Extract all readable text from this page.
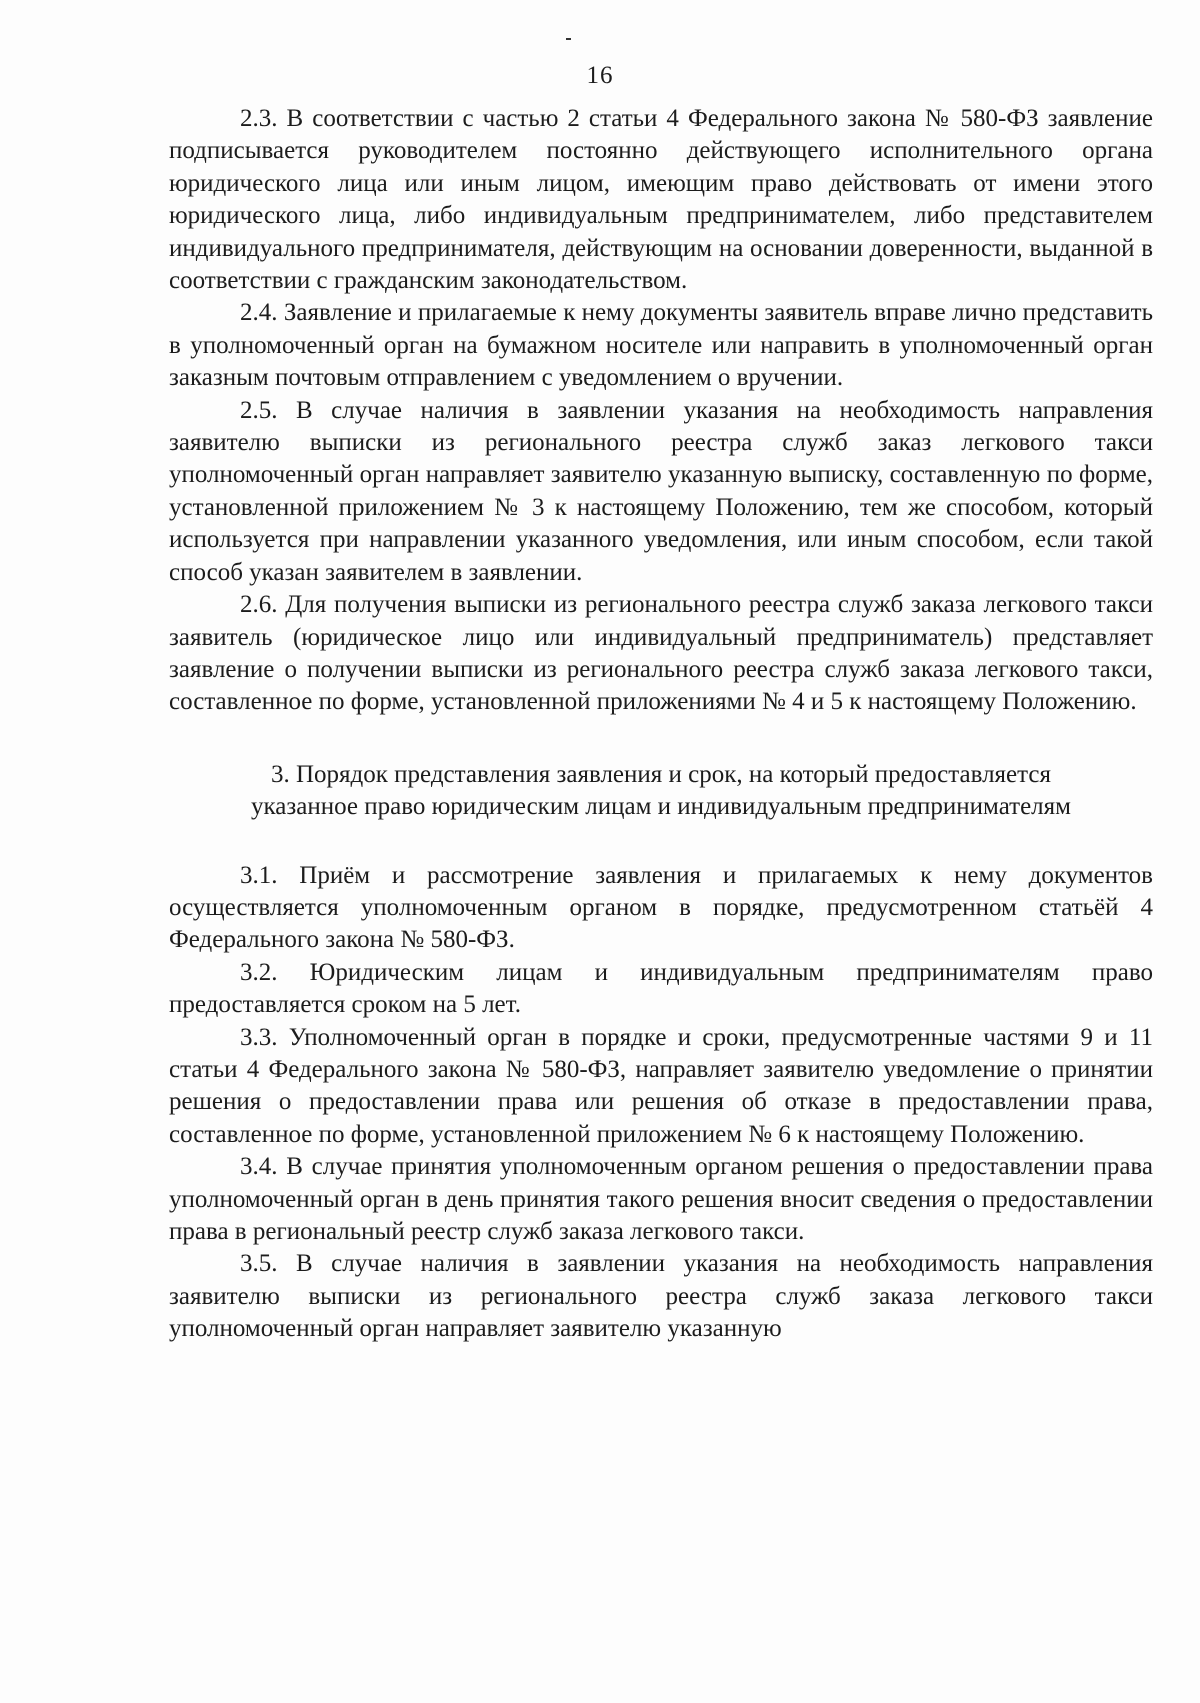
16

2.3. В соответствии с частью 2 статьи 4 Федерального закона № 580-ФЗ заявление подписывается руководителем постоянно действующего исполнительного органа юридического лица или иным лицом, имеющим право действовать от имени этого юридического лица, либо индивидуальным предпринимателем, либо представителем индивидуального предпринимателя, действующим на основании доверенности, выданной в соответствии с гражданским законодательством.

2.4. Заявление и прилагаемые к нему документы заявитель вправе лично представить в уполномоченный орган на бумажном носителе или направить в уполномоченный орган заказным почтовым отправлением с уведомлением о вручении.

2.5. В случае наличия в заявлении указания на необходимость направления заявителю выписки из регионального реестра служб заказ легкового такси уполномоченный орган направляет заявителю указанную выписку, составленную по форме, установленной приложением № 3 к настоящему Положению, тем же способом, который используется при направлении указанного уведомления, или иным способом, если такой способ указан заявителем в заявлении.

2.6. Для получения выписки из регионального реестра служб заказа легкового такси заявитель (юридическое лицо или индивидуальный предприниматель) представляет заявление о получении выписки из регионального реестра служб заказа легкового такси, составленное по форме, установленной приложениями № 4 и 5 к настоящему Положению.

3. Порядок представления заявления и срок, на который предоставляется
указанное право юридическим лицам и индивидуальным предпринимателям

3.1. Приём и рассмотрение заявления и прилагаемых к нему документов осуществляется уполномоченным органом в порядке, предусмотренном статьёй 4 Федерального закона № 580-ФЗ.

3.2. Юридическим лицам и индивидуальным предпринимателям право предоставляется сроком на 5 лет.

3.3. Уполномоченный орган в порядке и сроки, предусмотренные частями 9 и 11 статьи 4 Федерального закона № 580-ФЗ, направляет заявителю уведомление о принятии решения о предоставлении права или решения об отказе в предоставлении права, составленное по форме, установленной приложением № 6 к настоящему Положению.

3.4. В случае принятия уполномоченным органом решения о предоставлении права уполномоченный орган в день принятия такого решения вносит сведения о предоставлении права в региональный реестр служб заказа легкового такси.

3.5. В случае наличия в заявлении указания на необходимость направления заявителю выписки из регионального реестра служб заказа легкового такси уполномоченный орган направляет заявителю указанную
